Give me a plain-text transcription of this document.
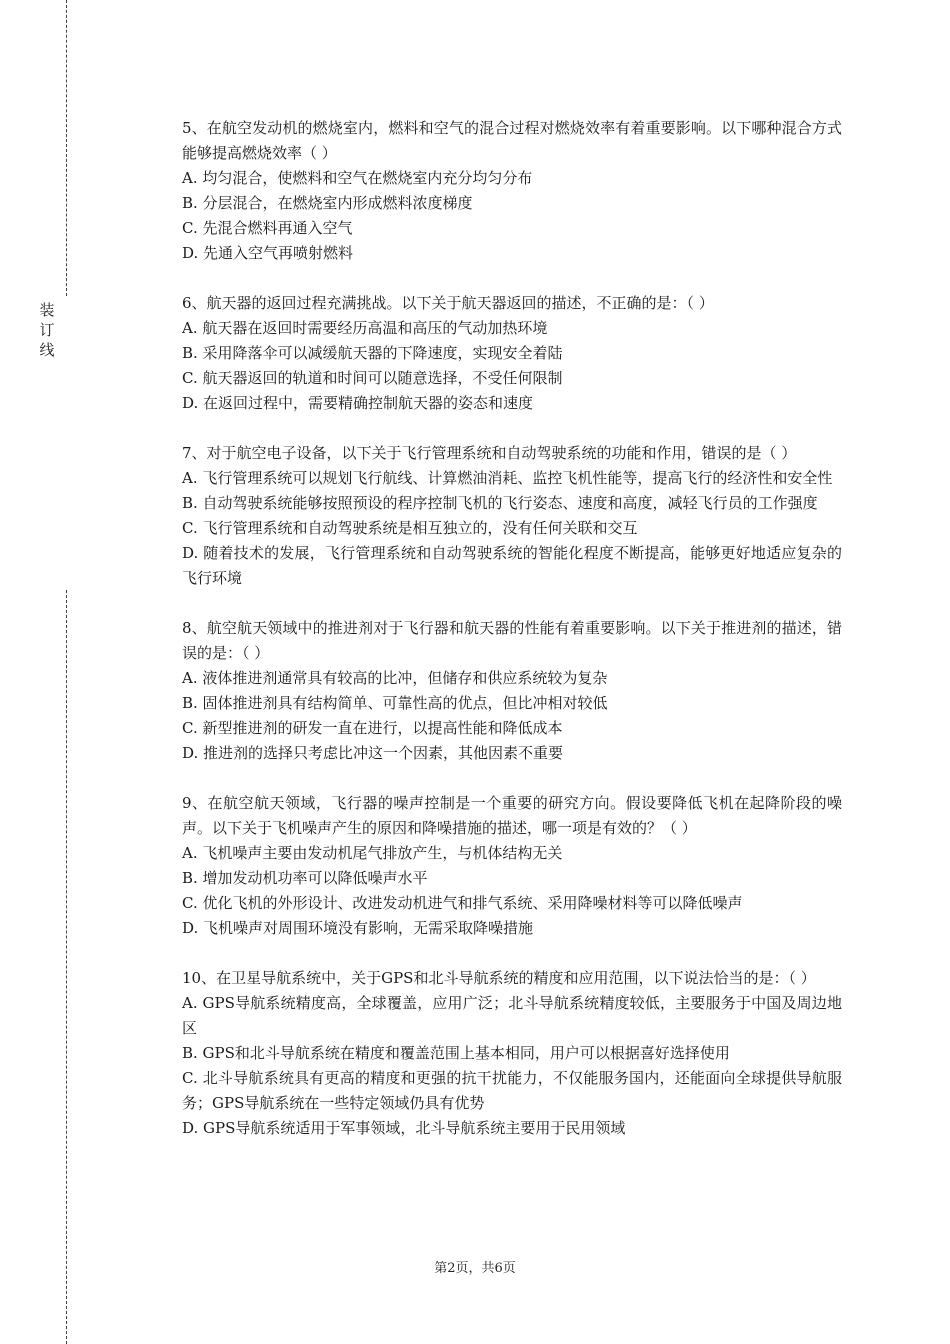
装
订
线

5、在航空发动机的燃烧室内，燃料和空气的混合过程对燃烧效率有着重要影响。以下哪种混合方式能够提高燃烧效率（ ）

A. 均匀混合，使燃料和空气在燃烧室内充分均匀分布

B. 分层混合，在燃烧室内形成燃料浓度梯度

C. 先混合燃料再通入空气

D. 先通入空气再喷射燃料

6、航天器的返回过程充满挑战。以下关于航天器返回的描述，不正确的是：（ ）

A. 航天器在返回时需要经历高温和高压的气动加热环境

B. 采用降落伞可以减缓航天器的下降速度，实现安全着陆

C. 航天器返回的轨道和时间可以随意选择，不受任何限制

D. 在返回过程中，需要精确控制航天器的姿态和速度

7、对于航空电子设备，以下关于飞行管理系统和自动驾驶系统的功能和作用，错误的是（ ）

A. 飞行管理系统可以规划飞行航线、计算燃油消耗、监控飞机性能等，提高飞行的经济性和安全性

B. 自动驾驶系统能够按照预设的程序控制飞机的飞行姿态、速度和高度，减轻飞行员的工作强度

C. 飞行管理系统和自动驾驶系统是相互独立的，没有任何关联和交互

D. 随着技术的发展，飞行管理系统和自动驾驶系统的智能化程度不断提高，能够更好地适应复杂的飞行环境

8、航空航天领域中的推进剂对于飞行器和航天器的性能有着重要影响。以下关于推进剂的描述，错误的是：（ ）

A. 液体推进剂通常具有较高的比冲，但储存和供应系统较为复杂

B. 固体推进剂具有结构简单、可靠性高的优点，但比冲相对较低

C. 新型推进剂的研发一直在进行，以提高性能和降低成本

D. 推进剂的选择只考虑比冲这一个因素，其他因素不重要

9、在航空航天领域，飞行器的噪声控制是一个重要的研究方向。假设要降低飞机在起降阶段的噪声。以下关于飞机噪声产生的原因和降噪措施的描述，哪一项是有效的？（ ）

A. 飞机噪声主要由发动机尾气排放产生，与机体结构无关

B. 增加发动机功率可以降低噪声水平

C. 优化飞机的外形设计、改进发动机进气和排气系统、采用降噪材料等可以降低噪声

D. 飞机噪声对周围环境没有影响，无需采取降噪措施

10、在卫星导航系统中，关于GPS和北斗导航系统的精度和应用范围，以下说法恰当的是：（ ）

A. GPS导航系统精度高，全球覆盖，应用广泛；北斗导航系统精度较低，主要服务于中国及周边地区

B. GPS和北斗导航系统在精度和覆盖范围上基本相同，用户可以根据喜好选择使用

C. 北斗导航系统具有更高的精度和更强的抗干扰能力，不仅能服务国内，还能面向全球提供导航服务；GPS导航系统在一些特定领域仍具有优势

D. GPS导航系统适用于军事领域，北斗导航系统主要用于民用领域

第2页，共6页
